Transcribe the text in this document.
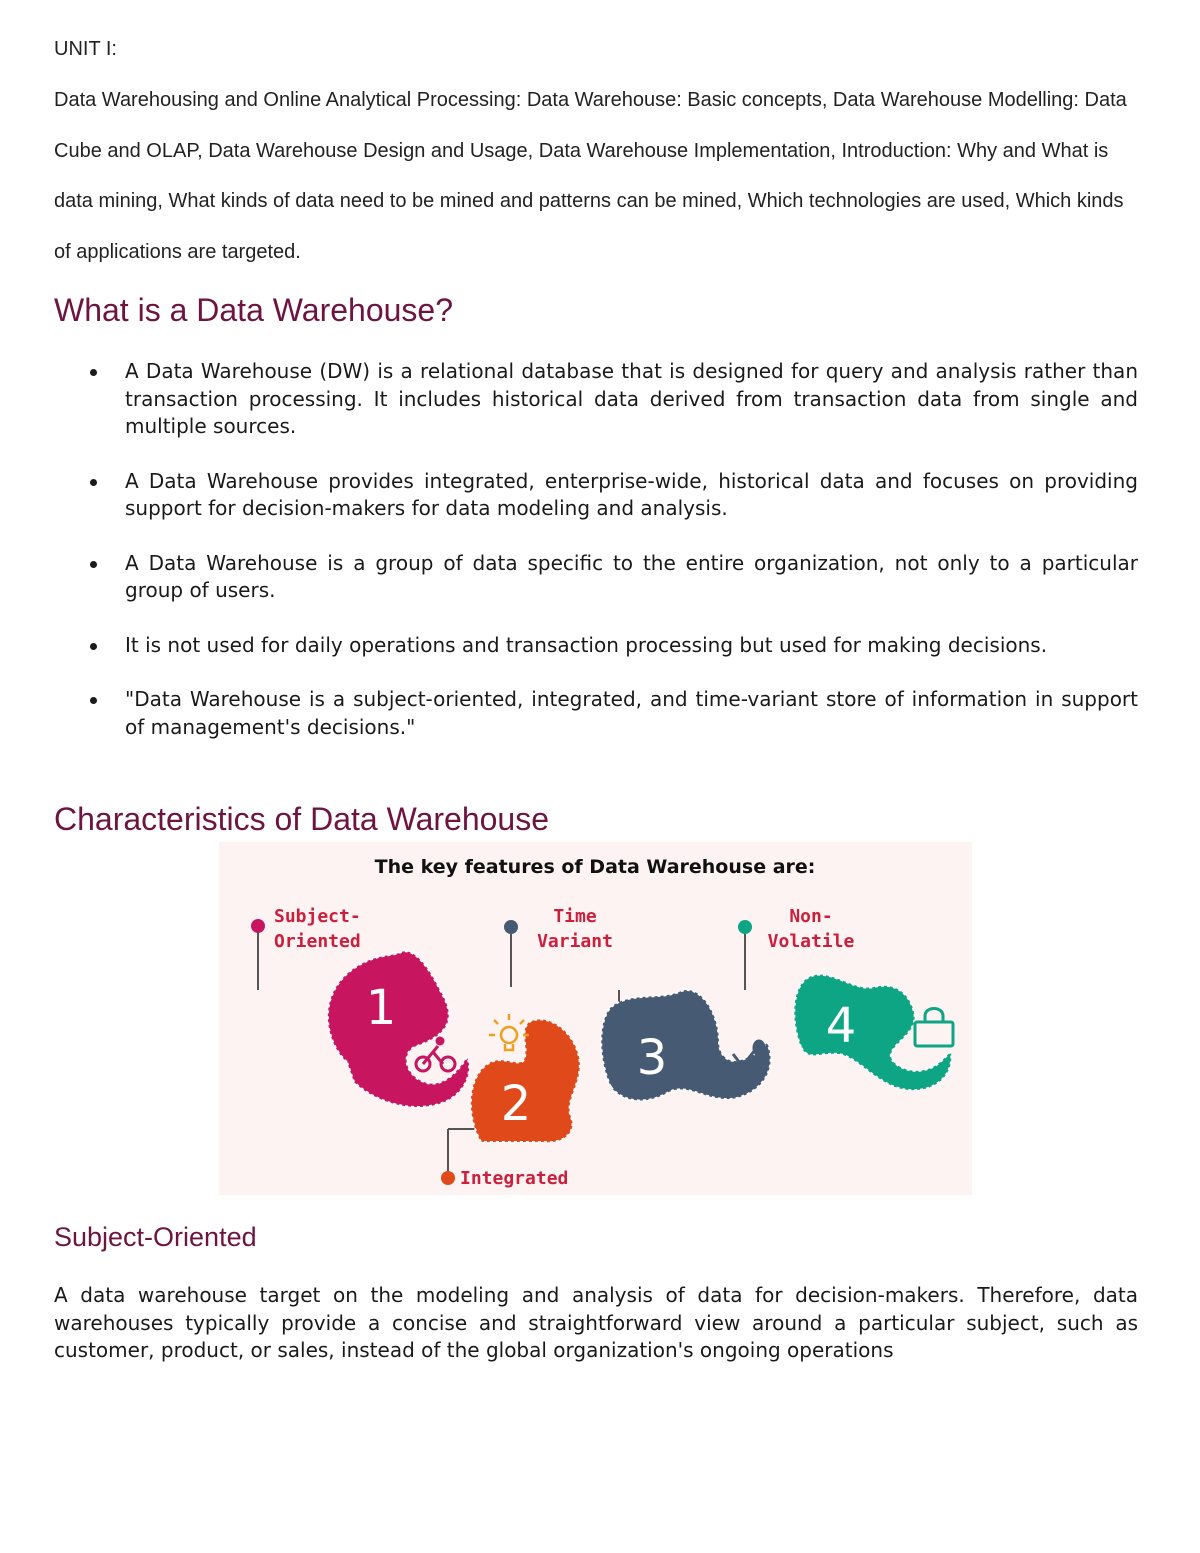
UNIT I:
Data Warehousing and Online Analytical Processing: Data Warehouse: Basic concepts, Data Warehouse Modelling: Data Cube and OLAP, Data Warehouse Design and Usage, Data Warehouse Implementation, Introduction: Why and What is data mining, What kinds of data need to be mined and patterns can be mined, Which technologies are used, Which kinds of applications are targeted.
What is a Data Warehouse?
A Data Warehouse (DW) is a relational database that is designed for query and analysis rather than transaction processing. It includes historical data derived from transaction data from single and multiple sources.
A Data Warehouse provides integrated, enterprise-wide, historical data and focuses on providing support for decision-makers for data modeling and analysis.
A Data Warehouse is a group of data specific to the entire organization, not only to a particular group of users.
It is not used for daily operations and transaction processing but used for making decisions.
"Data Warehouse is a subject-oriented, integrated, and time-variant store of information in support of management's decisions."
Characteristics of Data Warehouse
Subject-Oriented
A data warehouse target on the modeling and analysis of data for decision-makers. Therefore, data warehouses typically provide a concise and straightforward view around a particular subject, such as customer, product, or sales, instead of the global organization's ongoing operations
The key features of Data Warehouse are:
Subject-
Oriented
1
Integrated
2
Time
Variant
3
Non-
Volatile
4
